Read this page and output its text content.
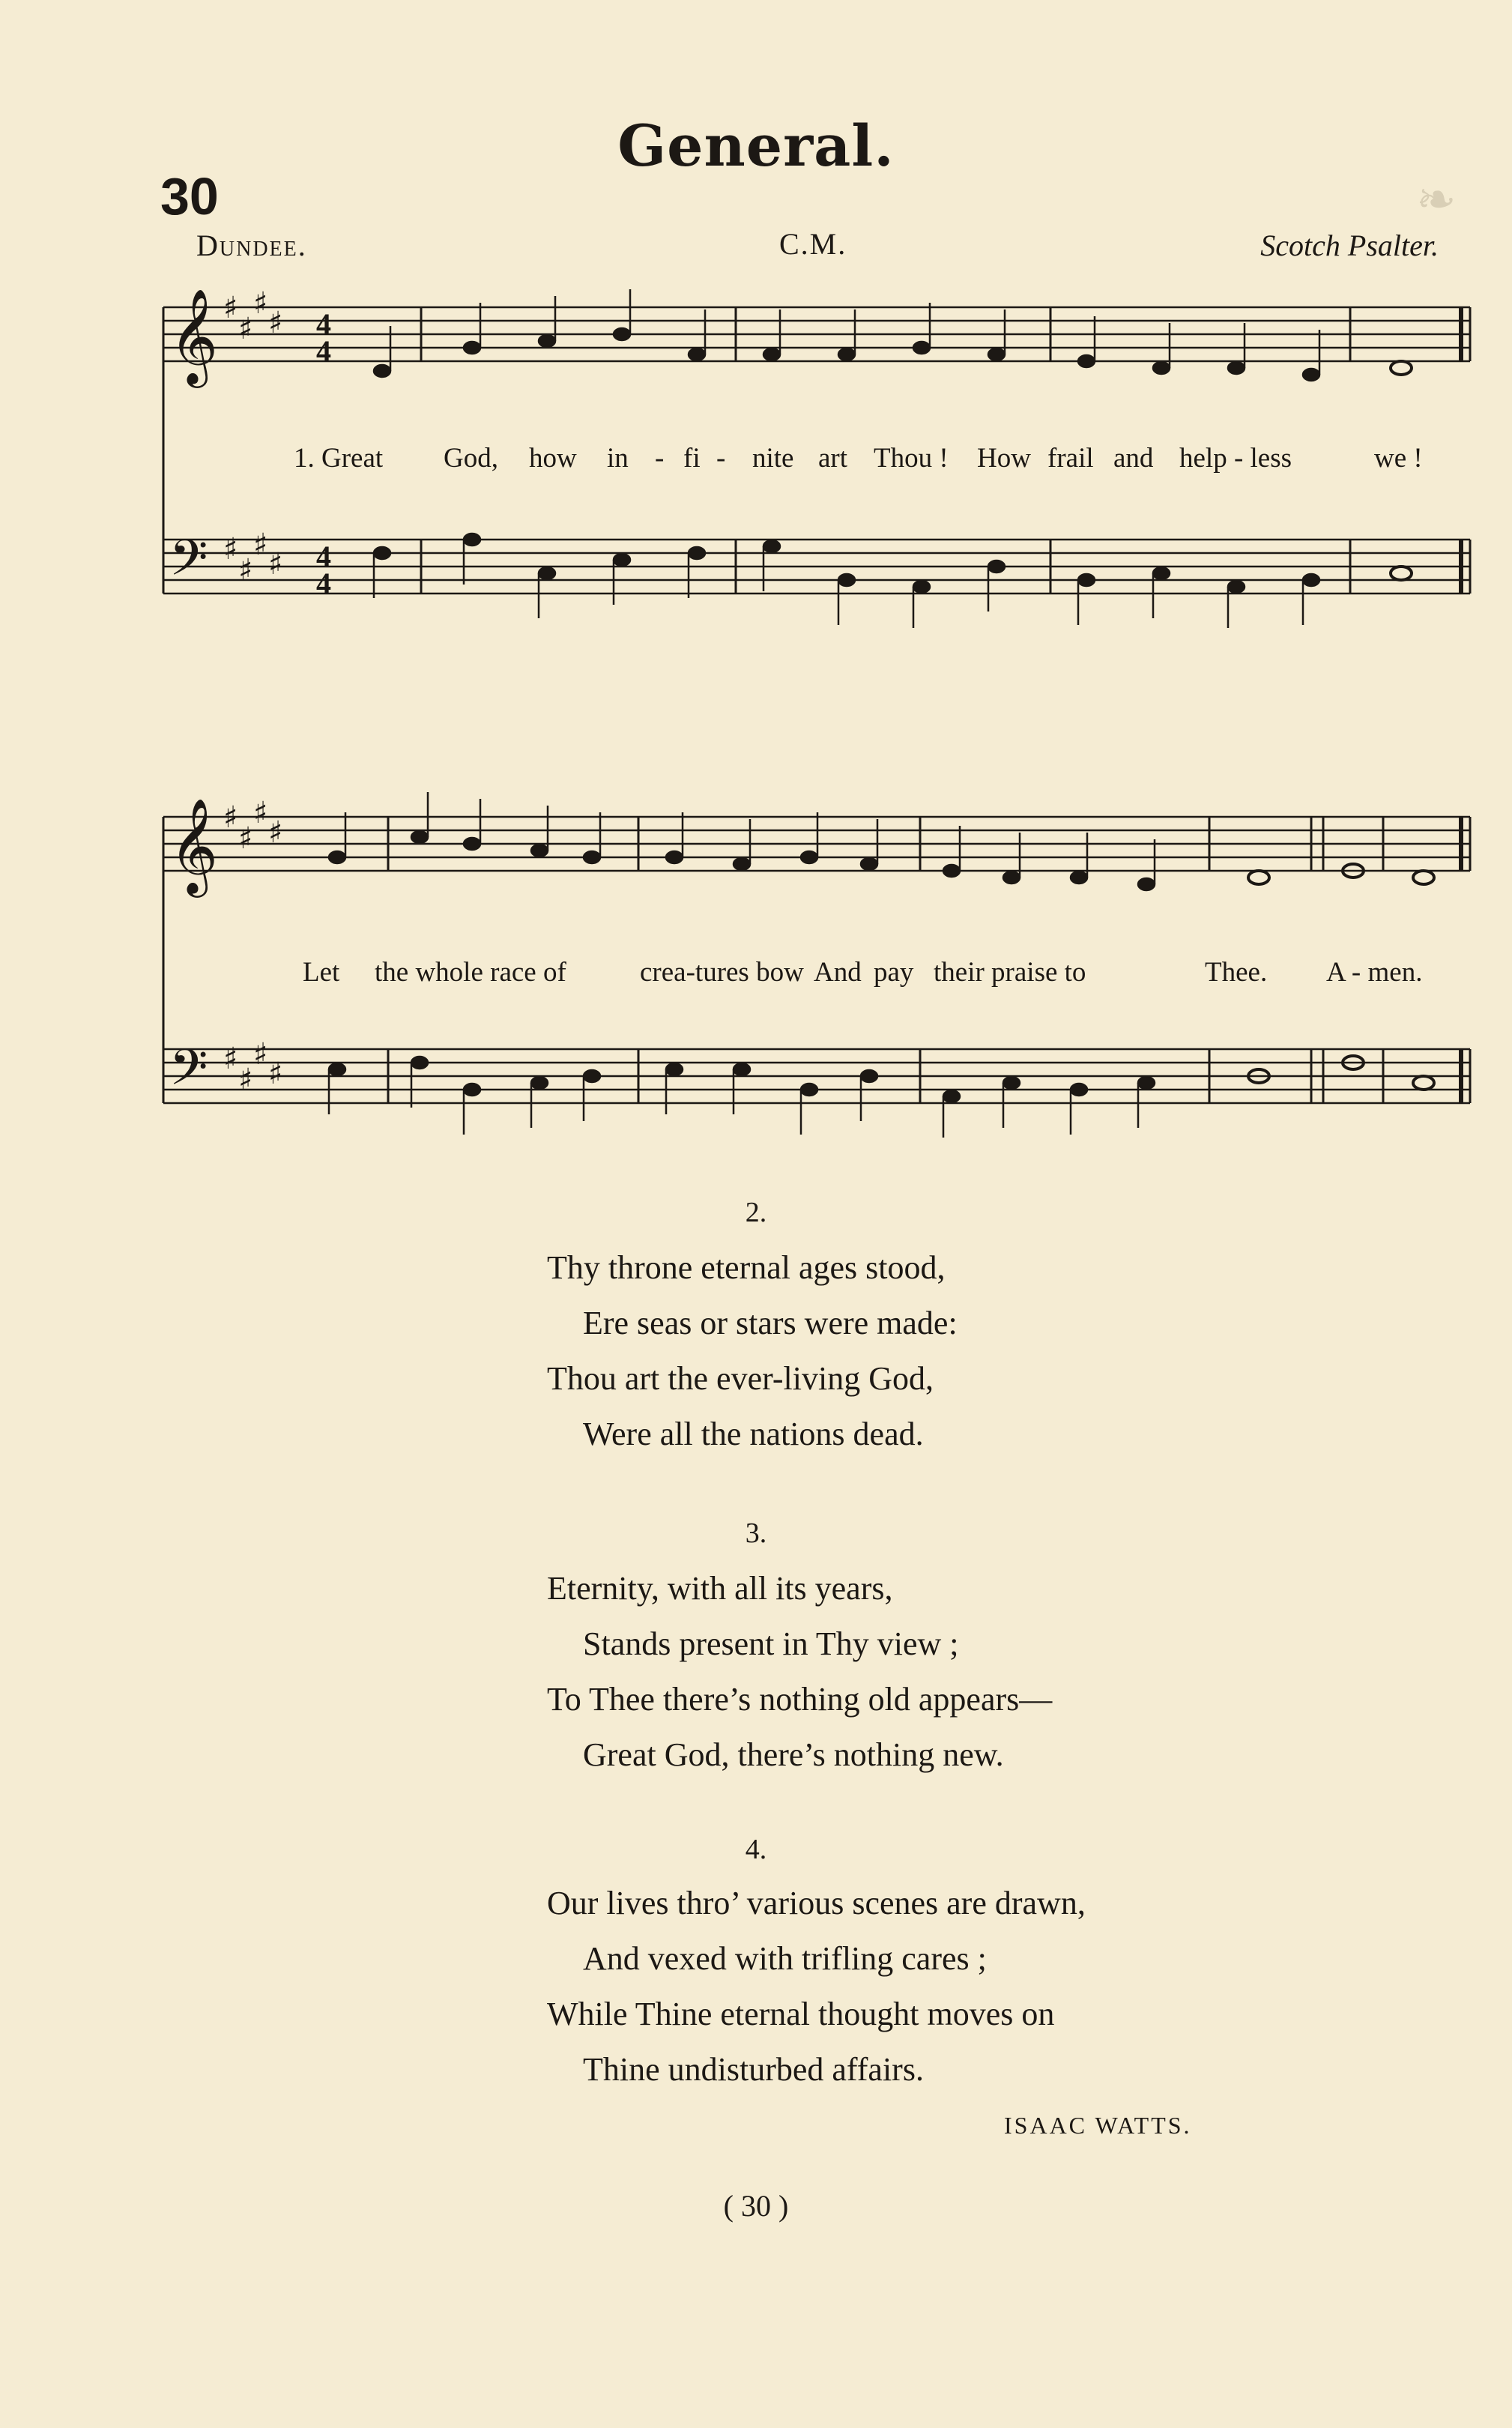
❧
General.
30
Dundee.	C.M.	Scotch Psalter.
𝄞
𝄢
♯
♯
♯
♯
♯
♯
♯
♯
4
4
4
4
1. Great God, how in - fi - nite art Thou ! How frail and help - less	we !
𝄞
𝄢
♯
♯
♯
♯
♯
♯
♯
♯
Let the whole race of	crea-tures bow And pay their praise to	Thee. A - men.
2.
Thy throne eternal ages stood,
Ere seas or stars were made:
Thou art the ever-living God,
Were all the nations dead.
3.
Eternity, with all its years,
Stands present in Thy view ;
To Thee there’s nothing old appears—
Great God, there’s nothing new.
4.
Our lives thro’ various scenes are drawn,
And vexed with trifling cares ;
While Thine eternal thought moves on
Thine undisturbed affairs.
ISAAC WATTS.
( 30 )
